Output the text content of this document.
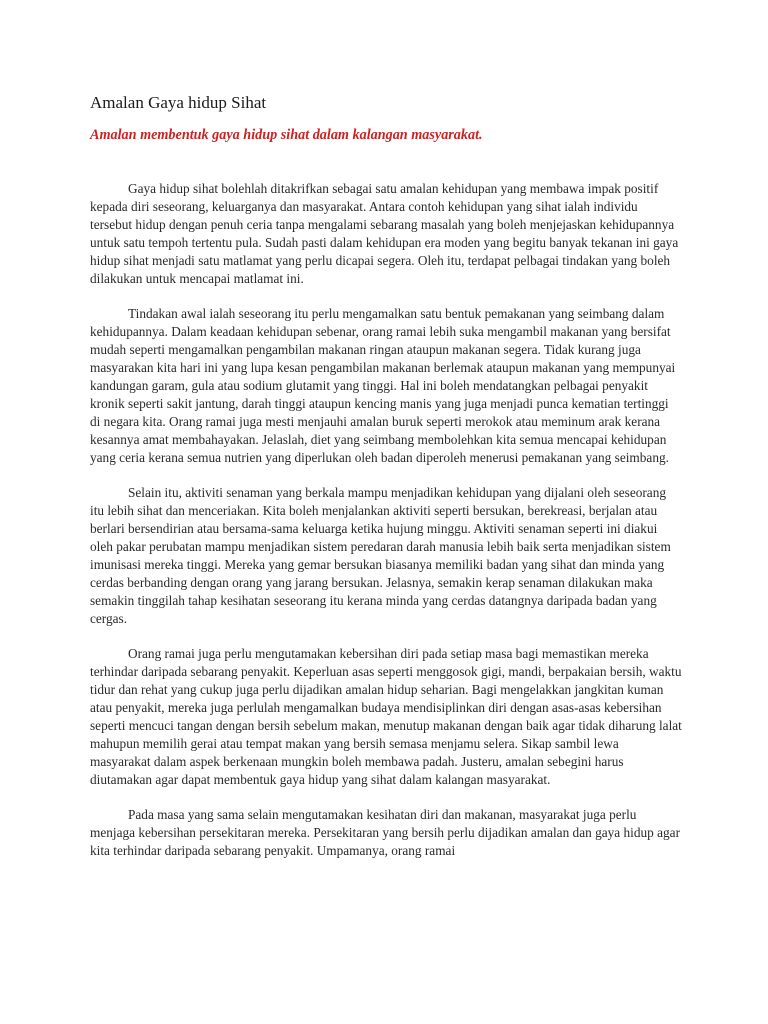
Amalan Gaya hidup Sihat
Amalan membentuk gaya hidup sihat dalam kalangan masyarakat.

Gaya hidup sihat bolehlah ditakrifkan sebagai satu amalan kehidupan yang membawa impak positif kepada diri seseorang, keluarganya dan masyarakat. Antara contoh kehidupan yang sihat ialah individu tersebut hidup dengan penuh ceria tanpa mengalami sebarang masalah yang boleh menjejaskan kehidupannya untuk satu tempoh tertentu pula. Sudah pasti dalam kehidupan era moden yang begitu banyak tekanan ini gaya hidup sihat menjadi satu matlamat yang perlu dicapai segera. Oleh itu, terdapat pelbagai tindakan yang boleh dilakukan untuk mencapai matlamat ini.

Tindakan awal ialah seseorang itu perlu mengamalkan satu bentuk pemakanan yang seimbang dalam kehidupannya. Dalam keadaan kehidupan sebenar, orang ramai lebih suka mengambil makanan yang bersifat mudah seperti mengamalkan pengambilan makanan ringan ataupun makanan segera. Tidak kurang juga masyarakan kita hari ini yang lupa kesan pengambilan makanan berlemak ataupun makanan yang mempunyai kandungan garam, gula atau sodium glutamit yang tinggi. Hal ini boleh mendatangkan pelbagai penyakit kronik seperti sakit jantung, darah tinggi ataupun kencing manis yang juga menjadi punca kematian tertinggi di negara kita. Orang ramai juga mesti menjauhi amalan buruk seperti merokok atau meminum arak kerana kesannya amat membahayakan. Jelaslah, diet yang seimbang membolehkan kita semua mencapai kehidupan yang ceria kerana semua nutrien yang diperlukan oleh badan diperoleh menerusi pemakanan yang seimbang.

Selain itu, aktiviti senaman yang berkala mampu menjadikan kehidupan yang dijalani oleh seseorang itu lebih sihat dan menceriakan. Kita boleh menjalankan aktiviti seperti bersukan, berekreasi, berjalan atau berlari bersendirian atau bersama-sama keluarga ketika hujung minggu. Aktiviti senaman seperti ini diakui oleh pakar perubatan mampu menjadikan sistem peredaran darah manusia lebih baik serta menjadikan sistem imunisasi mereka tinggi. Mereka yang gemar bersukan biasanya memiliki badan yang sihat dan minda yang cerdas berbanding dengan orang yang jarang bersukan. Jelasnya, semakin kerap senaman dilakukan maka semakin tinggilah tahap kesihatan seseorang itu kerana minda yang cerdas datangnya daripada badan yang cergas.

Orang ramai juga perlu mengutamakan kebersihan diri pada setiap masa bagi memastikan mereka terhindar daripada sebarang penyakit. Keperluan asas seperti menggosok gigi, mandi, berpakaian bersih, waktu tidur dan rehat yang cukup juga perlu dijadikan amalan hidup seharian. Bagi mengelakkan jangkitan kuman atau penyakit, mereka juga perlulah mengamalkan budaya mendisiplinkan diri dengan asas-asas kebersihan seperti mencuci tangan dengan bersih sebelum makan, menutup makanan dengan baik agar tidak diharung lalat mahupun memilih gerai atau tempat makan yang bersih semasa menjamu selera. Sikap sambil lewa masyarakat dalam aspek berkenaan mungkin boleh membawa padah. Justeru, amalan sebegini harus diutamakan agar dapat membentuk gaya hidup yang sihat dalam kalangan masyarakat.

Pada masa yang sama selain mengutamakan kesihatan diri dan makanan, masyarakat juga perlu menjaga kebersihan persekitaran mereka. Persekitaran yang bersih perlu dijadikan amalan dan gaya hidup agar kita terhindar daripada sebarang penyakit. Umpamanya, orang ramai
